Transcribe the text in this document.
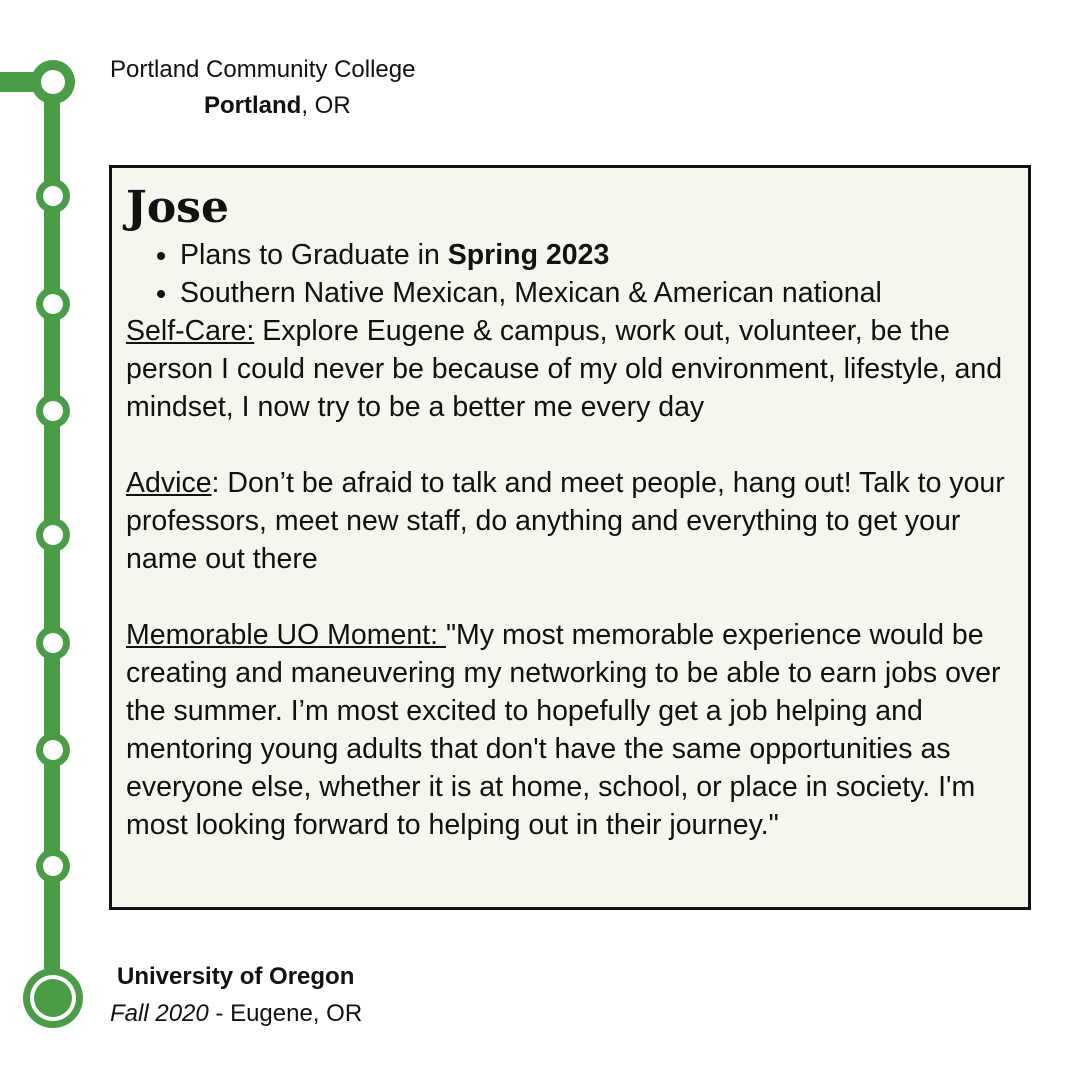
Portland Community College
Portland, OR
Jose
• Plans to Graduate in Spring 2023
• Southern Native Mexican, Mexican & American national

Self-Care: Explore Eugene & campus, work out, volunteer, be the person I could never be because of my old environment, lifestyle, and mindset, I now try to be a better me every day

Advice: Don’t be afraid to talk and meet people, hang out! Talk to your professors, meet new staff, do anything and everything to get your name out there

Memorable UO Moment: "My most memorable experience would be creating and maneuvering my networking to be able to earn jobs over the summer. I’m most excited to hopefully get a job helping and mentoring young adults that don't have the same opportunities as everyone else, whether it is at home, school, or place in society. I'm most looking forward to helping out in their journey."

University of Oregon
Fall 2020 - Eugene, OR
